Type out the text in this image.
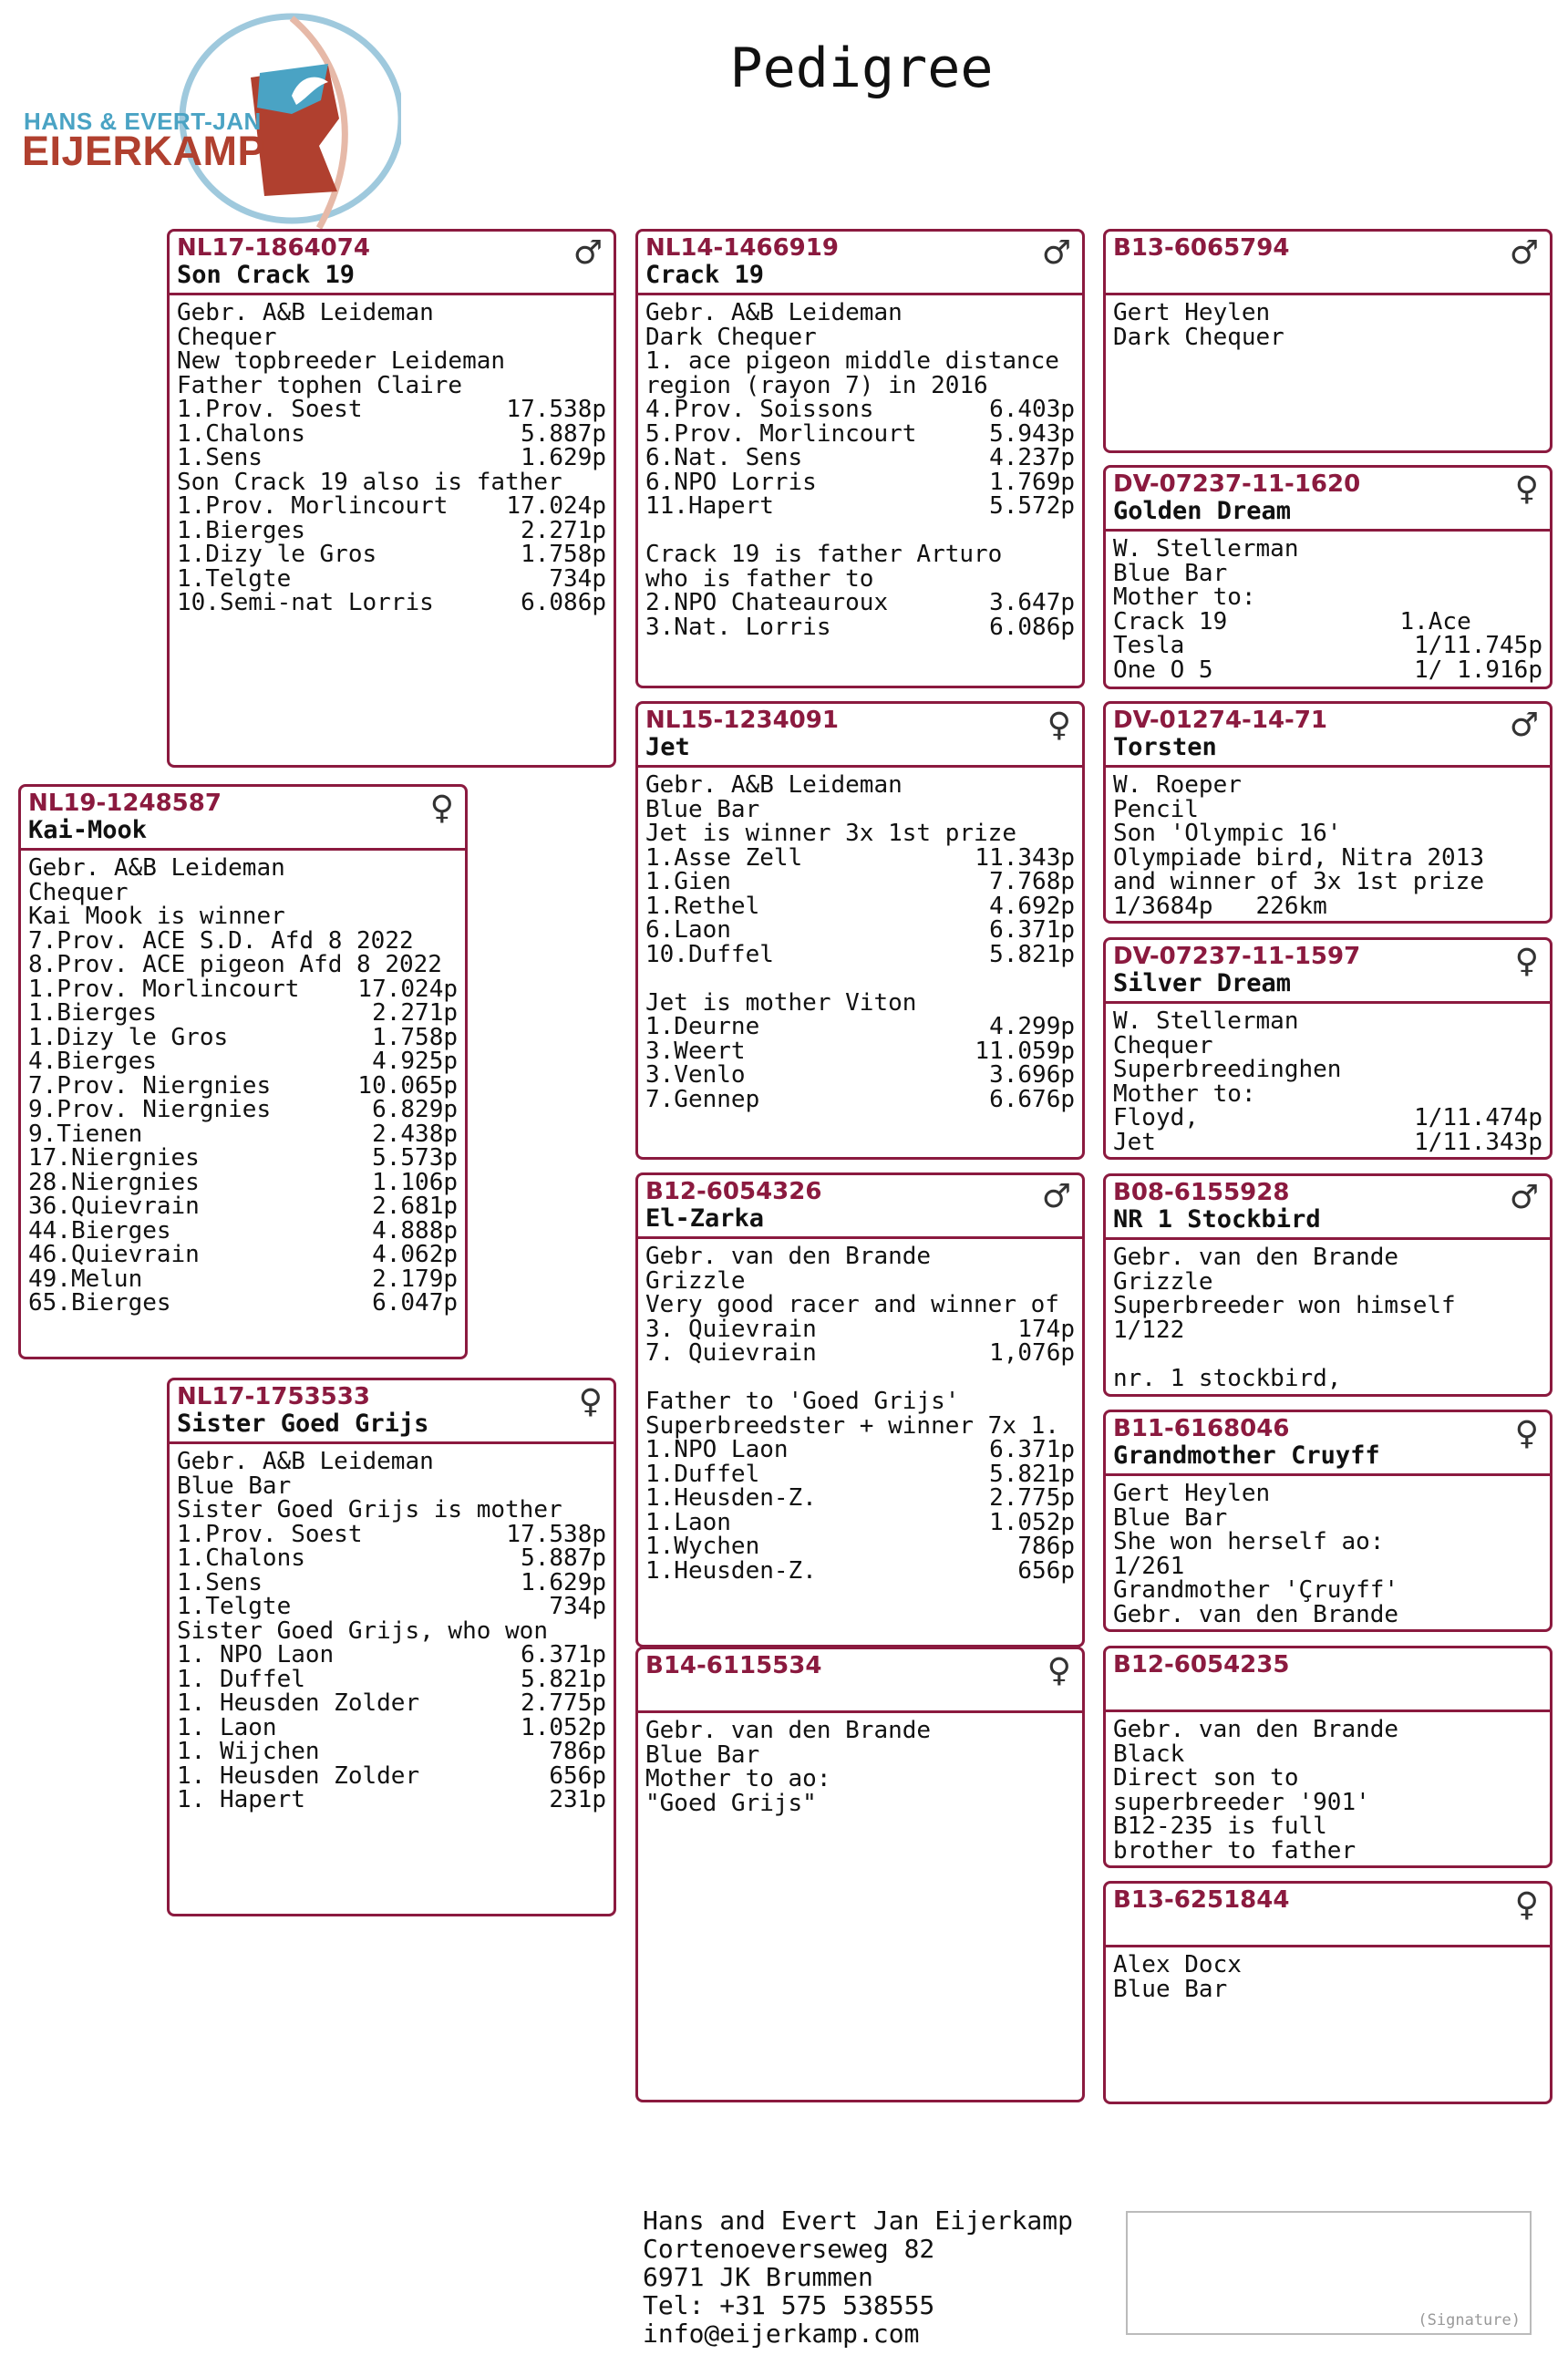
HANS & EVERT-JAN
EIJERKAMP
Pedigree
NL17-1864074
Son Crack 19
♂
Gebr. A&B Leideman
Chequer
New topbreeder Leideman
Father tophen Claire
1.Prov. Soest	17.538p
1.Chalons	5.887p
1.Sens	1.629p
Son Crack 19 also is father
1.Prov. Morlincourt 17.024p
1.Bierges	2.271p
1.Dizy le Gros	1.758p
1.Telgte	734p
10.Semi-nat Lorris	6.086p
NL19-1248587
Kai-Mook
♀
Gebr. A&B Leideman
Chequer
Kai Mook is winner
7.Prov. ACE S.D. Afd 8 2022
8.Prov. ACE pigeon Afd 8 2022
1.Prov. Morlincourt 17.024p
1.Bierges	2.271p
1.Dizy le Gros	1.758p
4.Bierges	4.925p
7.Prov. Niergnies	10.065p
9.Prov. Niergnies	6.829p
9.Tienen	2.438p
17.Niergnies	5.573p
28.Niergnies	1.106p
36.Quievrain	2.681p
44.Bierges	4.888p
46.Quievrain	4.062p
49.Melun	2.179p
65.Bierges	6.047p
NL17-1753533
Sister Goed Grijs
♀
Gebr. A&B Leideman
Blue Bar
Sister Goed Grijs is mother
1.Prov. Soest	17.538p
1.Chalons	5.887p
1.Sens	1.629p
1.Telgte	734p
Sister Goed Grijs, who won
1. NPO Laon	6.371p
1. Duffel	5.821p
1. Heusden Zolder	2.775p
1. Laon	1.052p
1. Wijchen	786p
1. Heusden Zolder	656p
1. Hapert	231p
NL14-1466919
Crack 19
♂
Gebr. A&B Leideman
Dark Chequer
1. ace pigeon middle distance
region (rayon 7) in 2016
4.Prov. Soissons	6.403p
5.Prov. Morlincourt	5.943p
6.Nat. Sens	4.237p
6.NPO Lorris	1.769p
11.Hapert	5.572p
Crack 19 is father Arturo
who is father to
2.NPO Chateauroux	3.647p
3.Nat. Lorris	6.086p
NL15-1234091
Jet
♀
Gebr. A&B Leideman
Blue Bar
Jet is winner 3x 1st prize
1.Asse Zell	11.343p
1.Gien	7.768p
1.Rethel	4.692p
6.Laon	6.371p
10.Duffel	5.821p
Jet is mother Viton
1.Deurne	4.299p
3.Weert	11.059p
3.Venlo	3.696p
7.Gennep	6.676p
B12-6054326
El-Zarka
♂
Gebr. van den Brande
Grizzle
Very good racer and winner of
3. Quievrain	174p
7. Quievrain	1,076p
Father to 'Goed Grijs'
Superbreedster + winner 7x 1.
1.NPO Laon	6.371p
1.Duffel	5.821p
1.Heusden-Z.	2.775p
1.Laon	1.052p
1.Wychen	786p
1.Heusden-Z.	656p
B14-6115534	♀
Gebr. van den Brande
Blue Bar
Mother to ao:
"Goed Grijs"
B13-6065794	♂
Gert Heylen
Dark Chequer
DV-07237-11-1620
Golden Dream
♀
W. Stellerman
Blue Bar
Mother to:
Crack 19	1.Ace
Tesla	1/11.745p
One O 5	1/ 1.916p
DV-01274-14-71
Torsten
♂
W. Roeper
Pencil
Son 'Olympic 16'
Olympiade bird, Nitra 2013
and winner of 3x 1st prize
1/3684p   226km
DV-07237-11-1597
Silver Dream
♀
W. Stellerman
Chequer
Superbreedinghen
Mother to:
Floyd,	1/11.474p
Jet	1/11.343p
B08-6155928
NR 1 Stockbird
♂
Gebr. van den Brande
Grizzle
Superbreeder won himself
1/122
nr. 1 stockbird,
B11-6168046
Grandmother Cruyff
♀
Gert Heylen
Blue Bar
She won herself ao:
1/261
Grandmother 'Çruyff'
Gebr. van den Brande
B12-6054235
Gebr. van den Brande
Black
Direct son to
superbreeder '901'
B12-235 is full
brother to father
B13-6251844	♀
Alex Docx
Blue Bar
Hans and Evert Jan Eijerkamp
Cortenoeverseweg 82
6971 JK Brummen
Tel: +31 575 538555
info@eijerkamp.com	(Signature)
